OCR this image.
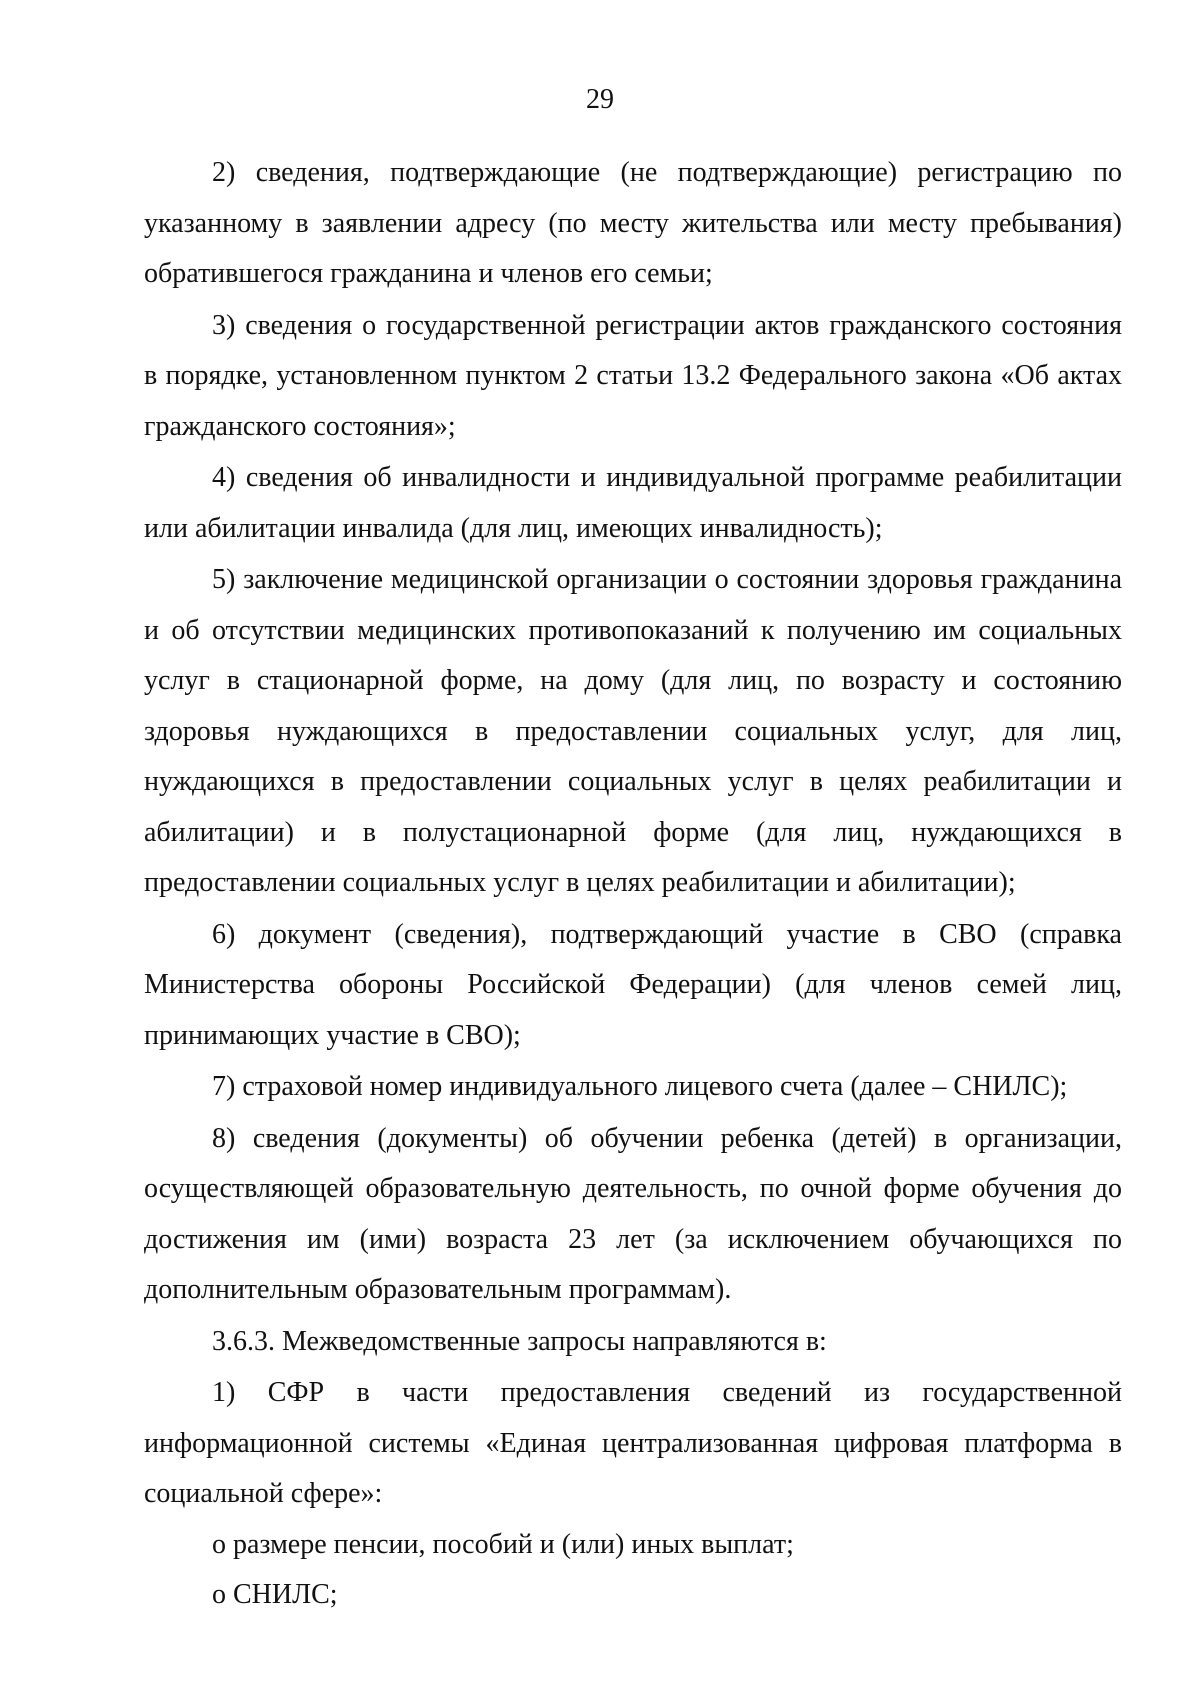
29

2) сведения, подтверждающие (не подтверждающие) регистрацию по указанному в заявлении адресу (по месту жительства или месту пребывания) обратившегося гражданина и членов его семьи;

3) сведения о государственной регистрации актов гражданского состояния в порядке, установленном пунктом 2 статьи 13.2 Федерального закона «Об актах гражданского состояния»;

4) сведения об инвалидности и индивидуальной программе реабилитации или абилитации инвалида (для лиц, имеющих инвалидность);

5) заключение медицинской организации о состоянии здоровья гражданина и об отсутствии медицинских противопоказаний к получению им социальных услуг в стационарной форме, на дому (для лиц, по возрасту и состоянию здоровья нуждающихся в предоставлении социальных услуг, для лиц, нуждающихся в предоставлении социальных услуг в целях реабилитации и абилитации) и в полустационарной форме (для лиц, нуждающихся в предоставлении социальных услуг в целях реабилитации и абилитации);

6) документ (сведения), подтверждающий участие в СВО (справка Министерства обороны Российской Федерации) (для членов семей лиц, принимающих участие в СВО);

7) страховой номер индивидуального лицевого счета (далее – СНИЛС);

8) сведения (документы) об обучении ребенка (детей) в организации, осуществляющей образовательную деятельность, по очной форме обучения до достижения им (ими) возраста 23 лет (за исключением обучающихся по дополнительным образовательным программам).

3.6.3. Межведомственные запросы направляются в:

1) СФР в части предоставления сведений из государственной информационной системы «Единая централизованная цифровая платформа в социальной сфере»:

о размере пенсии, пособий и (или) иных выплат;

о СНИЛС;
